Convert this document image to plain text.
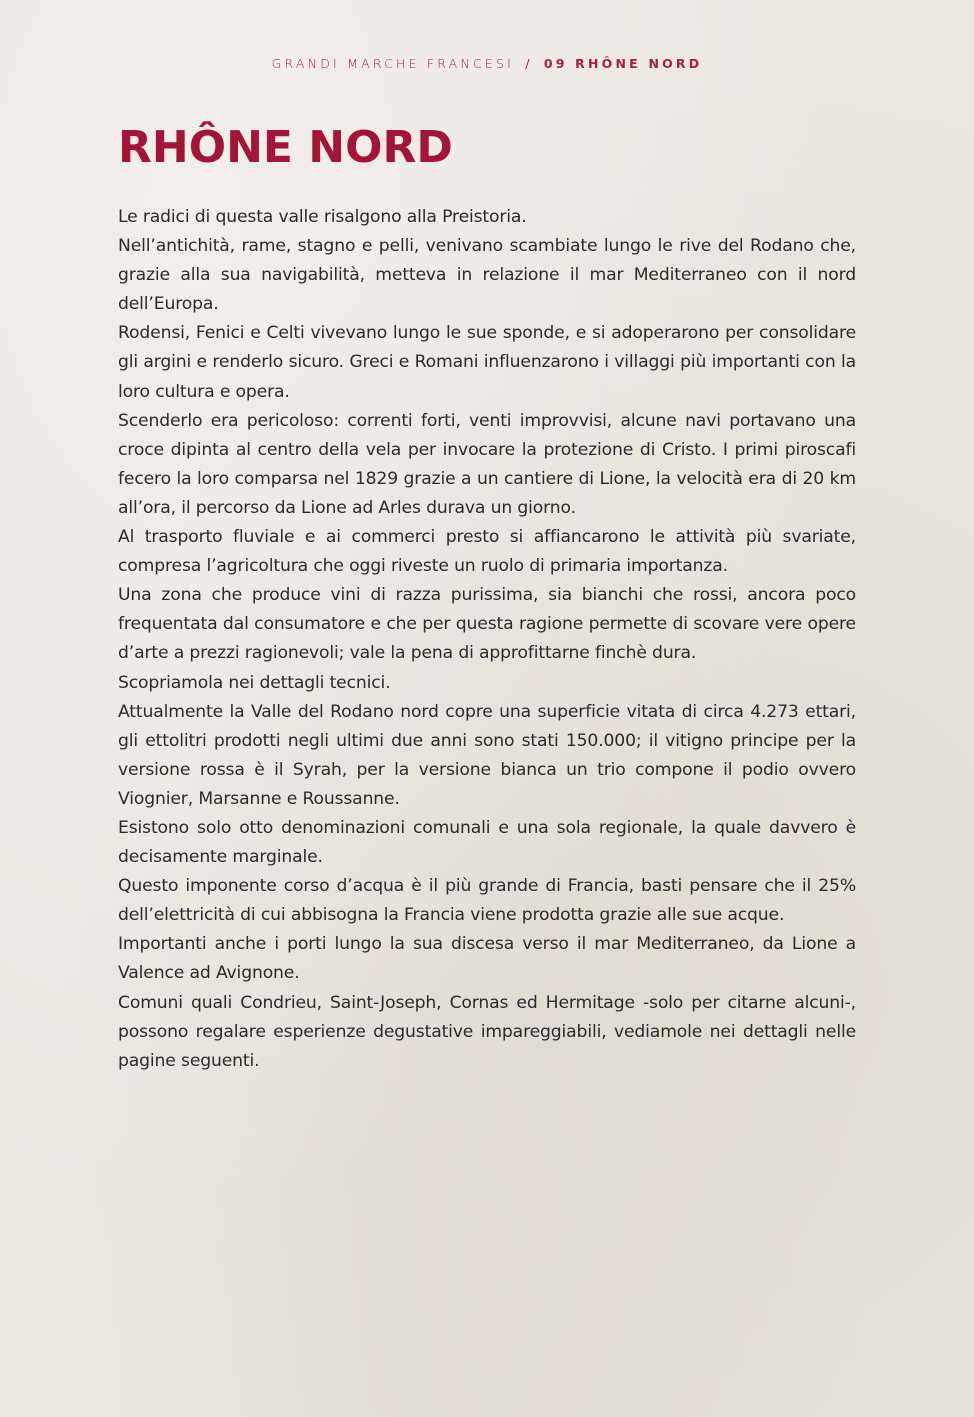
GRANDI MARCHE FRANCESI / 09 RHÔNE NORD
RHÔNE NORD

Le radici di questa valle risalgono alla Preistoria.

Nell’antichità, rame, stagno e pelli, venivano scambiate lungo le rive del Rodano che, grazie alla sua navigabilità, metteva in relazione il mar Mediterraneo con il nord dell’Europa.

Rodensi, Fenici e Celti vivevano lungo le sue sponde, e si adoperarono per consolidare gli argini e renderlo sicuro. Greci e Romani influenzarono i villaggi più importanti con la loro cultura e opera.

Scenderlo era pericoloso: correnti forti, venti improvvisi, alcune navi portavano una croce dipinta al centro della vela per invocare la protezione di Cristo. I primi piroscafi fecero la loro comparsa nel 1829 grazie a un cantiere di Lione, la velocità era di 20 km all’ora, il percorso da Lione ad Arles durava un giorno.

Al trasporto fluviale e ai commerci presto si affiancarono le attività più svariate, compresa l’agricoltura che oggi riveste un ruolo di primaria importanza.

Una zona che produce vini di razza purissima, sia bianchi che rossi, ancora poco frequentata dal consumatore e che per questa ragione permette di scovare vere opere d’arte a prezzi ragionevoli; vale la pena di approfittarne finchè dura.

Scopriamola nei dettagli tecnici.

Attualmente la Valle del Rodano nord copre una superficie vitata di circa 4.273 ettari, gli ettolitri prodotti negli ultimi due anni sono stati 150.000; il vitigno principe per la versione rossa è il Syrah, per la versione bianca un trio compone il podio ovvero Viognier, Marsanne e Roussanne.

Esistono solo otto denominazioni comunali e una sola regionale, la quale davvero è decisamente marginale.

Questo imponente corso d’acqua è il più grande di Francia, basti pensare che il 25% dell’elettricità di cui abbisogna la Francia viene prodotta grazie alle sue acque.

Importanti anche i porti lungo la sua discesa verso il mar Mediterraneo, da Lione a Valence ad Avignone.

Comuni quali Condrieu, Saint-Joseph, Cornas ed Hermitage -solo per citarne alcuni-, possono regalare esperienze degustative impareggiabili, vediamole nei dettagli nelle pagine seguenti.
